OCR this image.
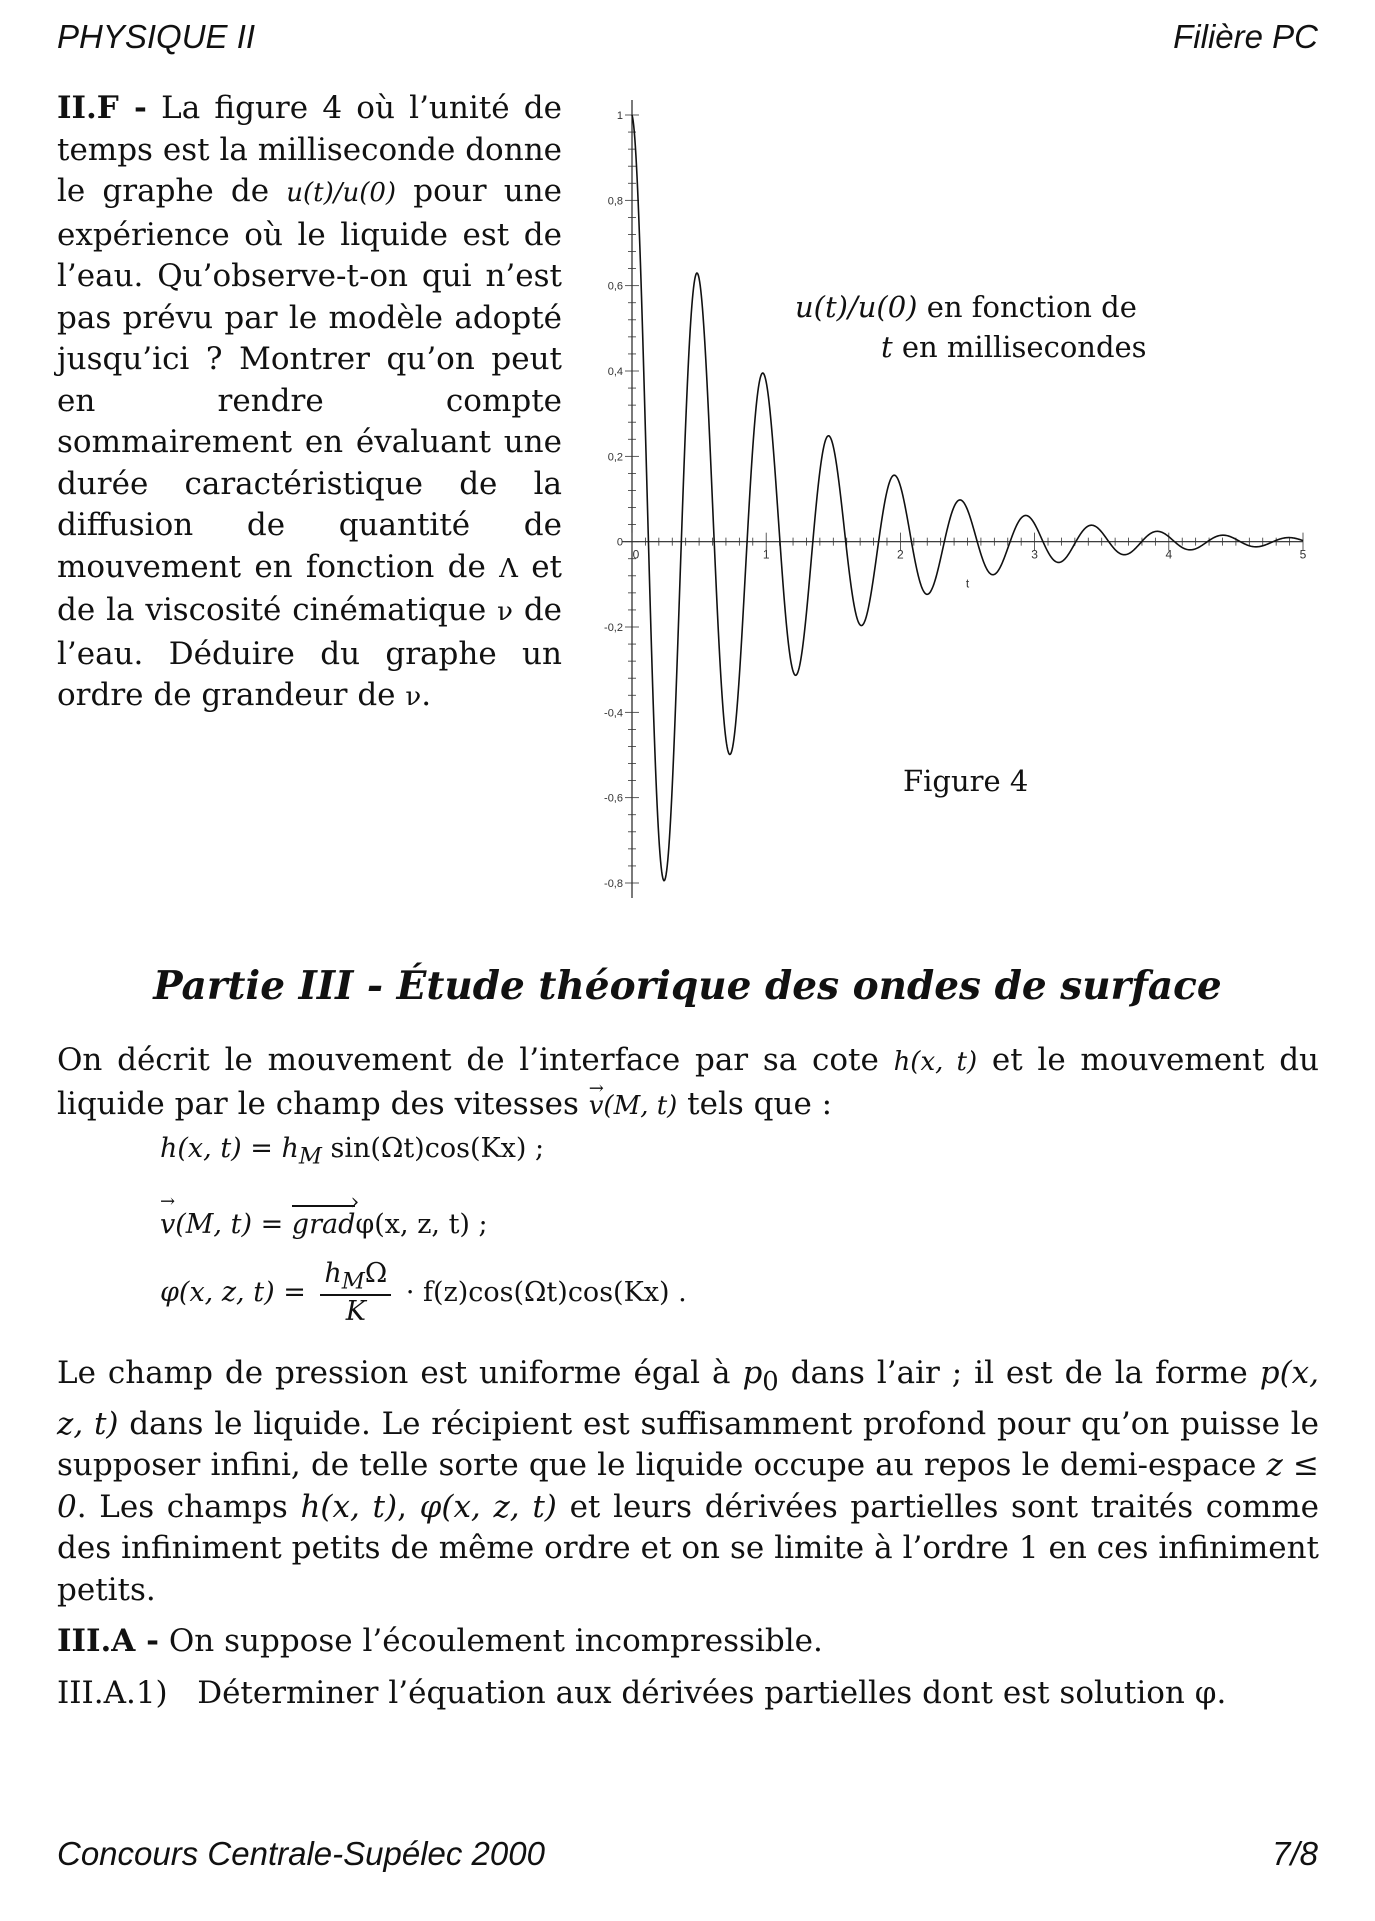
PHYSIQUE II	Filière PC
II.F - La figure 4 où l’unité de temps est la milliseconde donne le graphe de u(t)/u(0) pour une expérience où le liquide est de l’eau. Qu’observe-t-on qui n’est pas prévu par le modèle adopté jusqu’ici ? Montrer qu’on peut en rendre compte sommairement en évaluant une durée caractéristique de la diffusion de quantité de mouvement en fonction de Λ et de la viscosité cinématique ν de l’eau. Déduire du graphe un ordre de grandeur de ν.
1
0,8
0,6
0,4
0,2
0
-0,2
-0,4
-0,6
-0,8
0	1	2	3	4	5
t
u(t)/u(0) en fonction de
t en millisecondes
Figure 4
Partie III - Étude théorique des ondes de surface
On décrit le mouvement de l’interface par sa cote h(x, t) et le mouvement du liquide par le champ des vitesses → v(M, t) tels que :
h(x, $t) = h_M$ sin(Ωt)cos(Kx) ;
→ v(M, t) = grad ›φ(x, z, t) ;
φ(x, z, $t) = \frac{h_M\Omega}{K} \cdot f(z)\cos(\Omega t)\cos(Kx)$ .
Le champ de pression est uniforme égal à $p_0$ dans l’air ; il est de la forme p(x, z, t) dans le liquide. Le récipient est suffisamment profond pour qu’on puisse le supposer infini, de telle sorte que le liquide occupe au repos le demi-espace z ≤ 0. Les champs h(x, t), φ(x, z, t) et leurs dérivées partielles sont traités comme des infiniment petits de même ordre et on se limite à l’ordre 1 en ces infiniment petits.
III.A - On suppose l’écoulement incompressible.
III.A.1) Déterminer l’équation aux dérivées partielles dont est solution φ.
Concours Centrale-Supélec 2000	7/8
